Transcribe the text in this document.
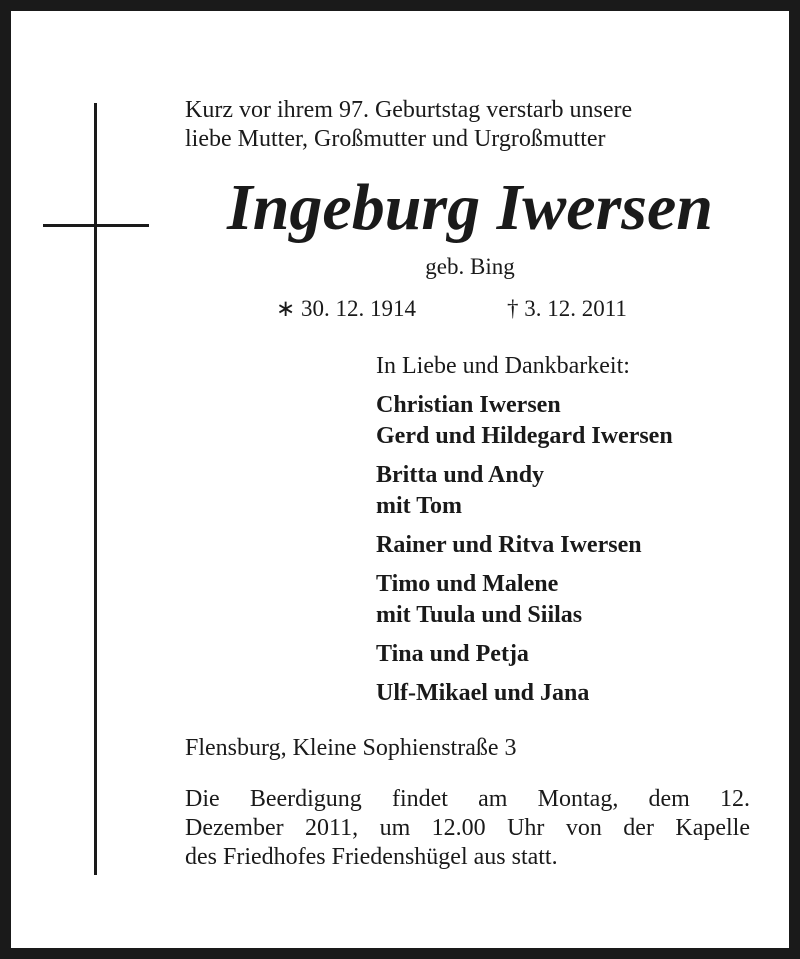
Kurz vor ihrem 97. Geburtstag verstarb unsere
liebe Mutter, Großmutter und Urgroßmutter

Ingeburg Iwersen
geb. Bing
∗ 30. 12. 1914	† 3. 12. 2011
In Liebe und Dankbarkeit:
Christian Iwersen
Gerd und Hildegard Iwersen
Britta und Andy
mit Tom
Rainer und Ritva Iwersen
Timo und Malene
mit Tuula und Siilas
Tina und Petja
Ulf-Mikael und Jana
Flensburg, Kleine Sophienstraße 3

Die Beerdigung findet am Montag, dem 12.
Dezember 2011, um 12.00 Uhr von der Kapelle
des Friedhofes Friedenshügel aus statt.
